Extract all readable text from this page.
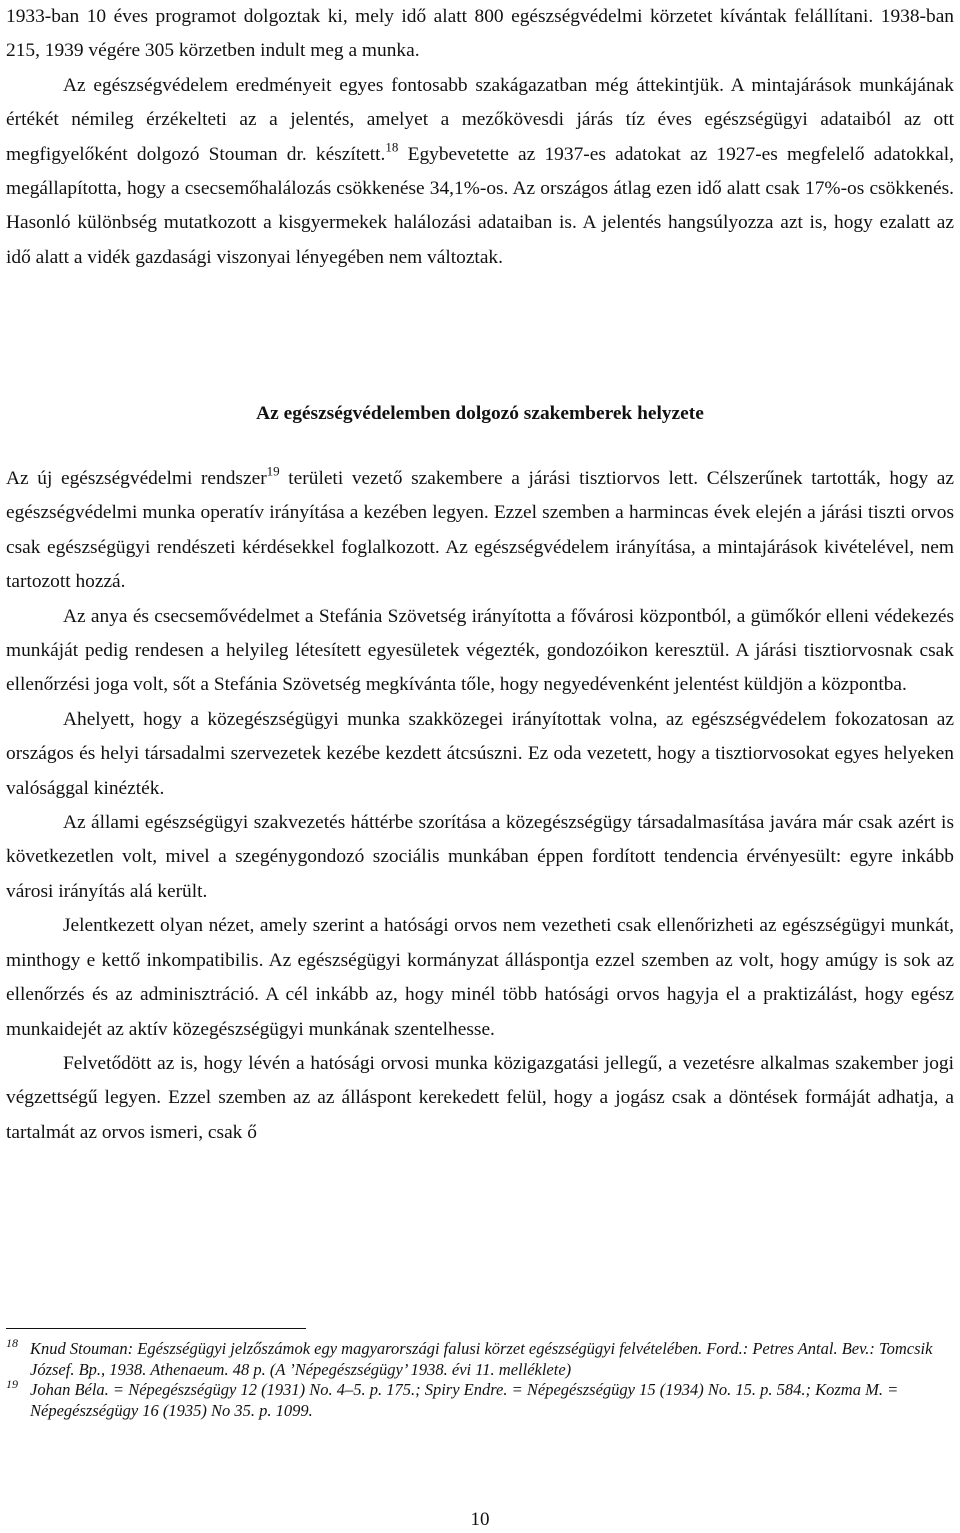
1933-ban 10 éves programot dolgoztak ki, mely idő alatt 800 egészségvédelmi körzetet kívántak felállítani. 1938-ban 215, 1939 végére 305 körzetben indult meg a munka.

Az egészségvédelem eredményeit egyes fontosabb szakágazatban még áttekintjük. A mintajárások munkájának értékét némileg érzékelteti az a jelentés, amelyet a mezőkövesdi járás tíz éves egészségügyi adataiból az ott megfigyelőként dolgozó Stouman dr. készített.$^{18}$ Egybevetette az 1937-es adatokat az 1927-es megfelelő adatokkal, megállapította, hogy a csecsemőhalálozás csökkenése 34,1%-os. Az országos átlag ezen idő alatt csak 17%-os csökkenés. Hasonló különbség mutatkozott a kisgyermekek halálozási adataiban is. A jelentés hangsúlyozza azt is, hogy ezalatt az idő alatt a vidék gazdasági viszonyai lényegében nem változtak.

Az egészségvédelemben dolgozó szakemberek helyzete

Az új egészségvédelmi rendszer$^{19}$ területi vezető szakembere a járási tisztiorvos lett. Célszerűnek tartották, hogy az egészségvédelmi munka operatív irányítása a kezében legyen. Ezzel szemben a harmincas évek elején a járási tiszti orvos csak egészségügyi rendészeti kérdésekkel foglalkozott. Az egészségvédelem irányítása, a mintajárások kivételével, nem tartozott hozzá.

Az anya és csecsemővédelmet a Stefánia Szövetség irányította a fővárosi központból, a gümőkór elleni védekezés munkáját pedig rendesen a helyileg létesített egyesületek végezték, gondozóikon keresztül. A járási tisztiorvosnak csak ellenőrzési joga volt, sőt a Stefánia Szövetség megkívánta tőle, hogy negyedévenként jelentést küldjön a központba.

Ahelyett, hogy a közegészségügyi munka szakközegei irányítottak volna, az egészségvédelem fokozatosan az országos és helyi társadalmi szervezetek kezébe kezdett átcsúszni. Ez oda vezetett, hogy a tisztiorvosokat egyes helyeken valósággal kinézték.

Az állami egészségügyi szakvezetés háttérbe szorítása a közegészségügy társadalmasítása javára már csak azért is következetlen volt, mivel a szegénygondozó szociális munkában éppen fordított tendencia érvényesült: egyre inkább városi irányítás alá került.

Jelentkezett olyan nézet, amely szerint a hatósági orvos nem vezetheti csak ellenőrizheti az egészségügyi munkát, minthogy e kettő inkompatibilis. Az egészségügyi kormányzat álláspontja ezzel szemben az volt, hogy amúgy is sok az ellenőrzés és az adminisztráció. A cél inkább az, hogy minél több hatósági orvos hagyja el a praktizálást, hogy egész munkaidejét az aktív közegészségügyi munkának szentelhesse.

Felvetődött az is, hogy lévén a hatósági orvosi munka közigazgatási jellegű, a vezetésre alkalmas szakember jogi végzettségű legyen. Ezzel szemben az az álláspont kerekedett felül, hogy a jogász csak a döntések formáját adhatja, a tartalmát az orvos ismeri, csak ő

18 Knud Stouman: Egészségügyi jelzőszámok egy magyarországi falusi körzet egészségügyi felvételében. Ford.: Petres Antal. Bev.: Tomcsik József. Bp., 1938. Athenaeum. 48 p. (A ’Népegészségügy’ 1938. évi 11. melléklete)
19 Johan Béla. = Népegészségügy 12 (1931) No. 4–5. p. 175.; Spiry Endre. = Népegészségügy 15 (1934) No. 15. p. 584.; Kozma M. = Népegészségügy 16 (1935) No 35. p. 1099.
10
